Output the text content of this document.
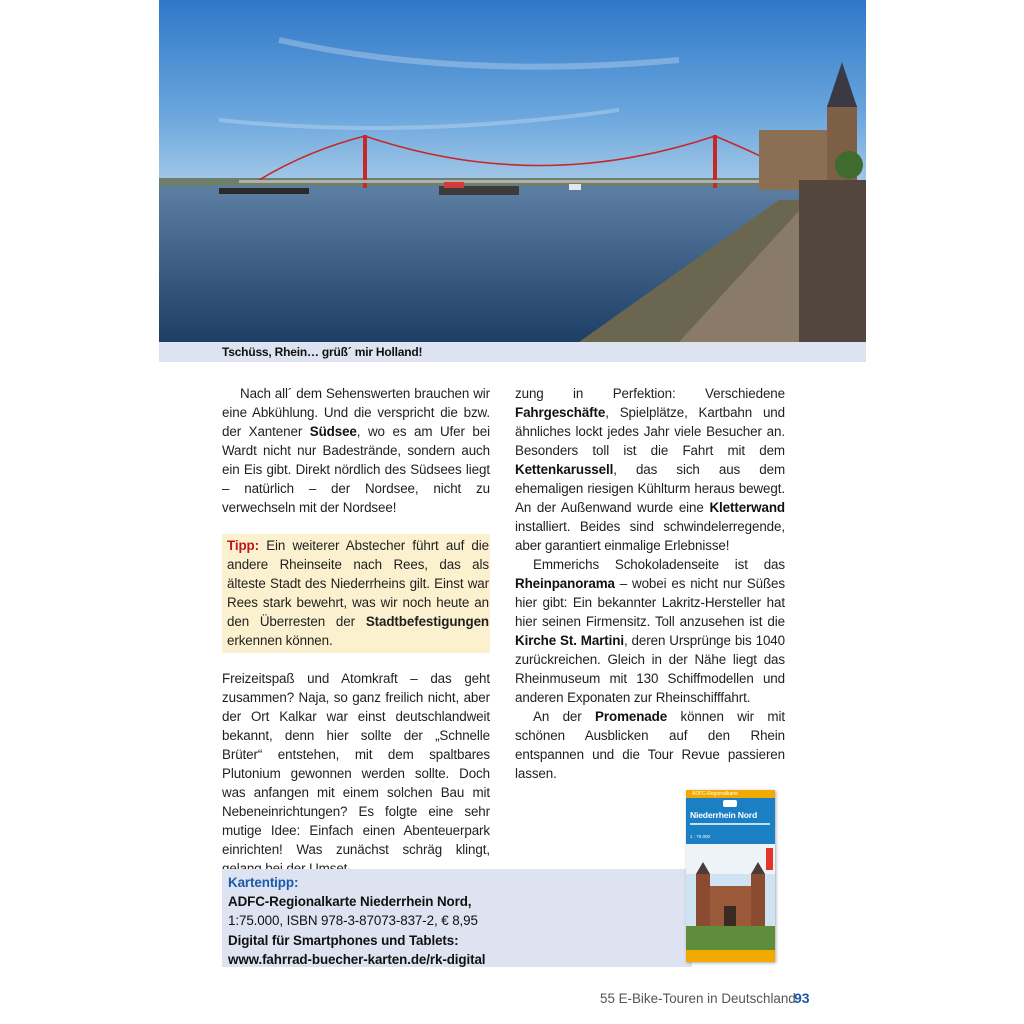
Tschüss, Rhein… grüß´ mir Holland!

Nach all´ dem Sehenswerten brauchen wir eine Abkühlung. Und die verspricht die bzw. der Xantener Südsee, wo es am Ufer bei Wardt nicht nur Badestrände, sondern auch ein Eis gibt. Direkt nördlich des Südsees liegt – natürlich – der Nordsee, nicht zu verwechseln mit der Nordsee!

Tipp: Ein weiterer Abstecher führt auf die andere Rheinseite nach Rees, das als älteste Stadt des Niederrheins gilt. Einst war Rees stark bewehrt, was wir noch heute an den Überresten der Stadtbefestigungen erkennen können.
Freizeitspaß und Atomkraft – das geht zusammen? Naja, so ganz freilich nicht, aber der Ort Kalkar war einst deutschlandweit bekannt, denn hier sollte der „Schnelle Brüter“ entstehen, mit dem spaltbares Plutonium gewonnen werden sollte. Doch was anfangen mit einem solchen Bau mit Nebeneinrichtungen? Es folgte eine sehr mutige Idee: Einfach einen Abenteuerpark einrichten! Was zunächst schräg klingt,

zung in Perfektion: Verschiedene Fahrgeschäfte, Spielplätze, Kartbahn und ähnliches lockt jedes Jahr viele Besucher an. Besonders toll ist die Fahrt mit dem Kettenkarussell, das sich aus dem ehemaligen riesigen Kühlturm heraus bewegt. An der Außenwand wurde eine Kletterwand installiert. Beides sind schwindelerregende, aber garantiert einmalige Erlebnisse!

Emmerichs Schokoladenseite ist das Rheinpanorama – wobei es nicht nur Süßes hier gibt: Ein bekannter Lakritz-Hersteller hat hier seinen Firmensitz. Toll anzusehen ist die Kirche St. Martini, deren Ursprünge bis 1040 zurückreichen. Gleich in der Nähe liegt das Rheinmuseum mit 130 Schiffmodellen und anderen Exponaten zur Rheinschifffahrt.

An der Promenade können wir mit schönen Ausblicken auf den Rhein entspannen und die Tour Revue passieren lassen.

Kartentipp:
ADFC-Regionalkarte Niederrhein Nord,
1:75.000, ISBN 978-3-87073-837-2, € 8,95
Digital für Smartphones und Tablets:
www.fahrrad-buecher-karten.de/rk-digital
ADFC-Regionalkarte
Niederrhein Nord
1 : 75.000
55 E-Bike-Touren in Deutschland
93
